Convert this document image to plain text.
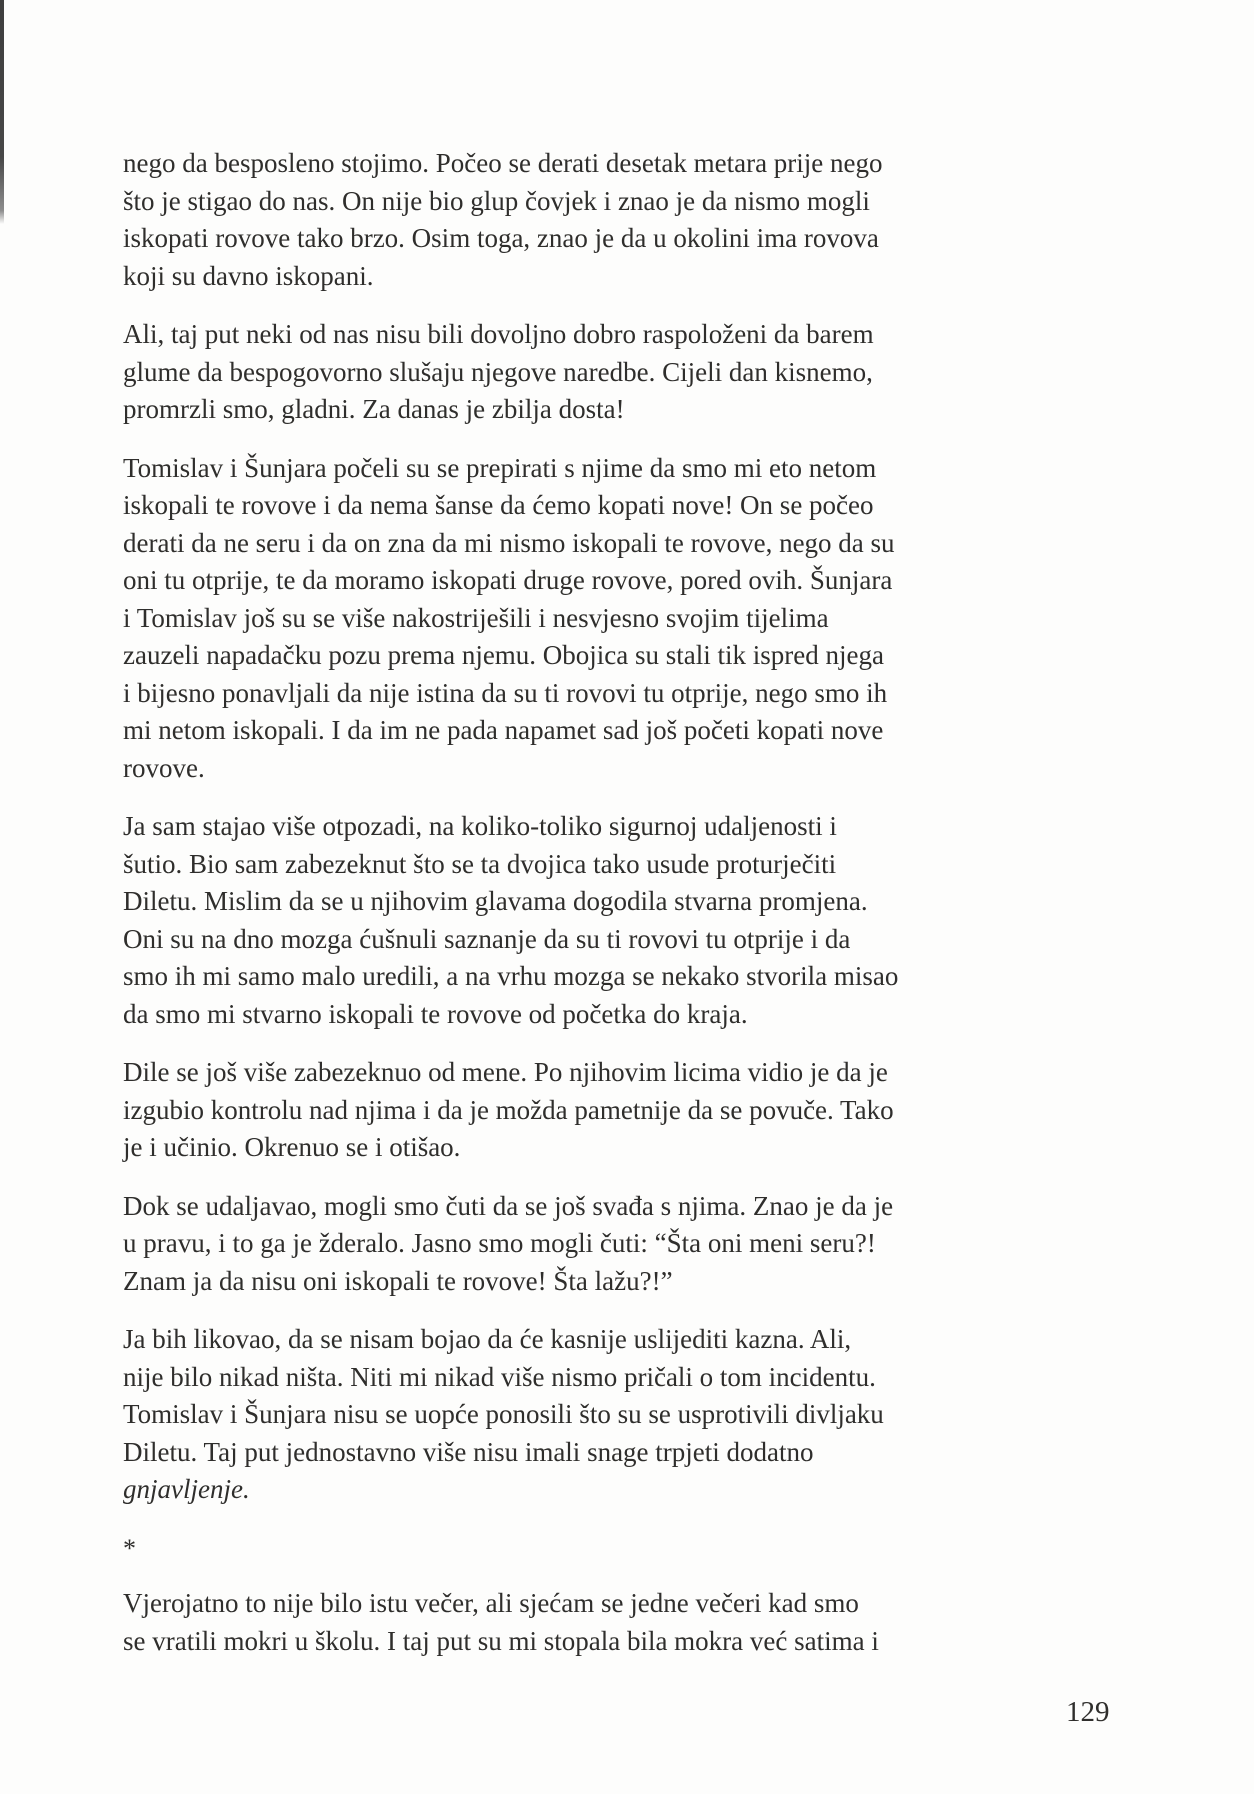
nego da besposleno stojimo. Počeo se derati desetak metara prije nego
što je stigao do nas. On nije bio glup čovjek i znao je da nismo mogli
iskopati rovove tako brzo. Osim toga, znao je da u okolini ima rovova
koji su davno iskopani.

Ali, taj put neki od nas nisu bili dovoljno dobro raspoloženi da barem
glume da bespogovorno slušaju njegove naredbe. Cijeli dan kisnemo,
promrzli smo, gladni. Za danas je zbilja dosta!

Tomislav i Šunjara počeli su se prepirati s njime da smo mi eto netom
iskopali te rovove i da nema šanse da ćemo kopati nove! On se počeo
derati da ne seru i da on zna da mi nismo iskopali te rovove, nego da su
oni tu otprije, te da moramo iskopati druge rovove, pored ovih. Šunjara
i Tomislav još su se više nakostriješili i nesvjesno svojim tijelima
zauzeli napadačku pozu prema njemu. Obojica su stali tik ispred njega
i bijesno ponavljali da nije istina da su ti rovovi tu otprije, nego smo ih
mi netom iskopali. I da im ne pada napamet sad još početi kopati nove
rovove.

Ja sam stajao više otpozadi, na koliko-toliko sigurnoj udaljenosti i
šutio. Bio sam zabezeknut što se ta dvojica tako usude proturječiti
Diletu. Mislim da se u njihovim glavama dogodila stvarna promjena.
Oni su na dno mozga ćušnuli saznanje da su ti rovovi tu otprije i da
smo ih mi samo malo uredili, a na vrhu mozga se nekako stvorila misao
da smo mi stvarno iskopali te rovove od početka do kraja.

Dile se još više zabezeknuo od mene. Po njihovim licima vidio je da je
izgubio kontrolu nad njima i da je možda pametnije da se povuče. Tako
je i učinio. Okrenuo se i otišao.

Dok se udaljavao, mogli smo čuti da se još svađa s njima. Znao je da je
u pravu, i to ga je žderalo. Jasno smo mogli čuti: “Šta oni meni seru?!
Znam ja da nisu oni iskopali te rovove! Šta lažu?!”

Ja bih likovao, da se nisam bojao da će kasnije uslijediti kazna. Ali,
nije bilo nikad ništa. Niti mi nikad više nismo pričali o tom incidentu.
Tomislav i Šunjara nisu se uopće ponosili što su se usprotivili divljaku
Diletu. Taj put jednostavno više nisu imali snage trpjeti dodatno
gnjavljenje.

*

Vjerojatno to nije bilo istu večer, ali sjećam se jedne večeri kad smo
se vratili mokri u školu. I taj put su mi stopala bila mokra već satima i

129
